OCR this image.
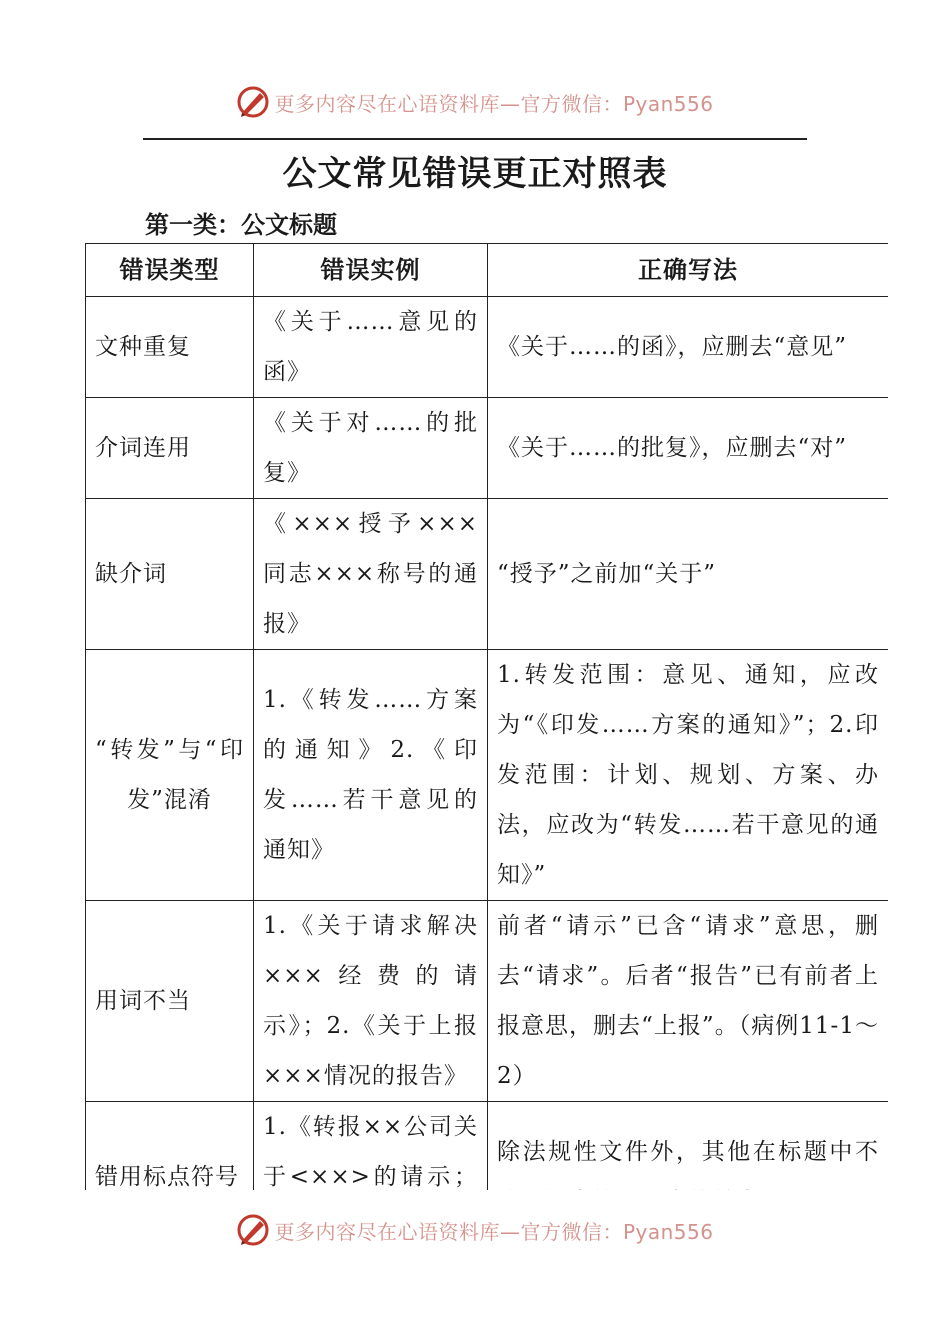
更多内容尽在心语资料库—官方微信：Pyan556
公文常见错误更正对照表
第一类：公文标题
错误类型	错误实例	正确写法
文种重复	《关于……意见的函》	《关于……的函》，应删去“意见”
介词连用	《关于对……的批复》	《关于……的批复》，应删去“对”
缺介词	《×××授予×××同志×××称号的通报》	“授予”之前加“关于”
“转发”与“印发”混淆	1.《转发……方案的通知》2.《印发……若干意见的通知》	1.转发范围：意见、通知，应改为“《印发……方案的通知》”；2.印发范围：计划、规划、方案、办法，应改为“转发……若干意见的通知》”
用词不当	1.《关于请求解决×××经费的请示》；2.《关于上报×××情况的报告》	前者“请示”已含“请求”意思，删去“请求”。后者“报告”已有前者上报意思，删去“上报”。（病例11-1～2）
错用标点符号	1.《转报××公司关于<××>的请示；	除法规性文件外，其他在标题中不
更多内容尽在心语资料库—官方微信：Pyan556
